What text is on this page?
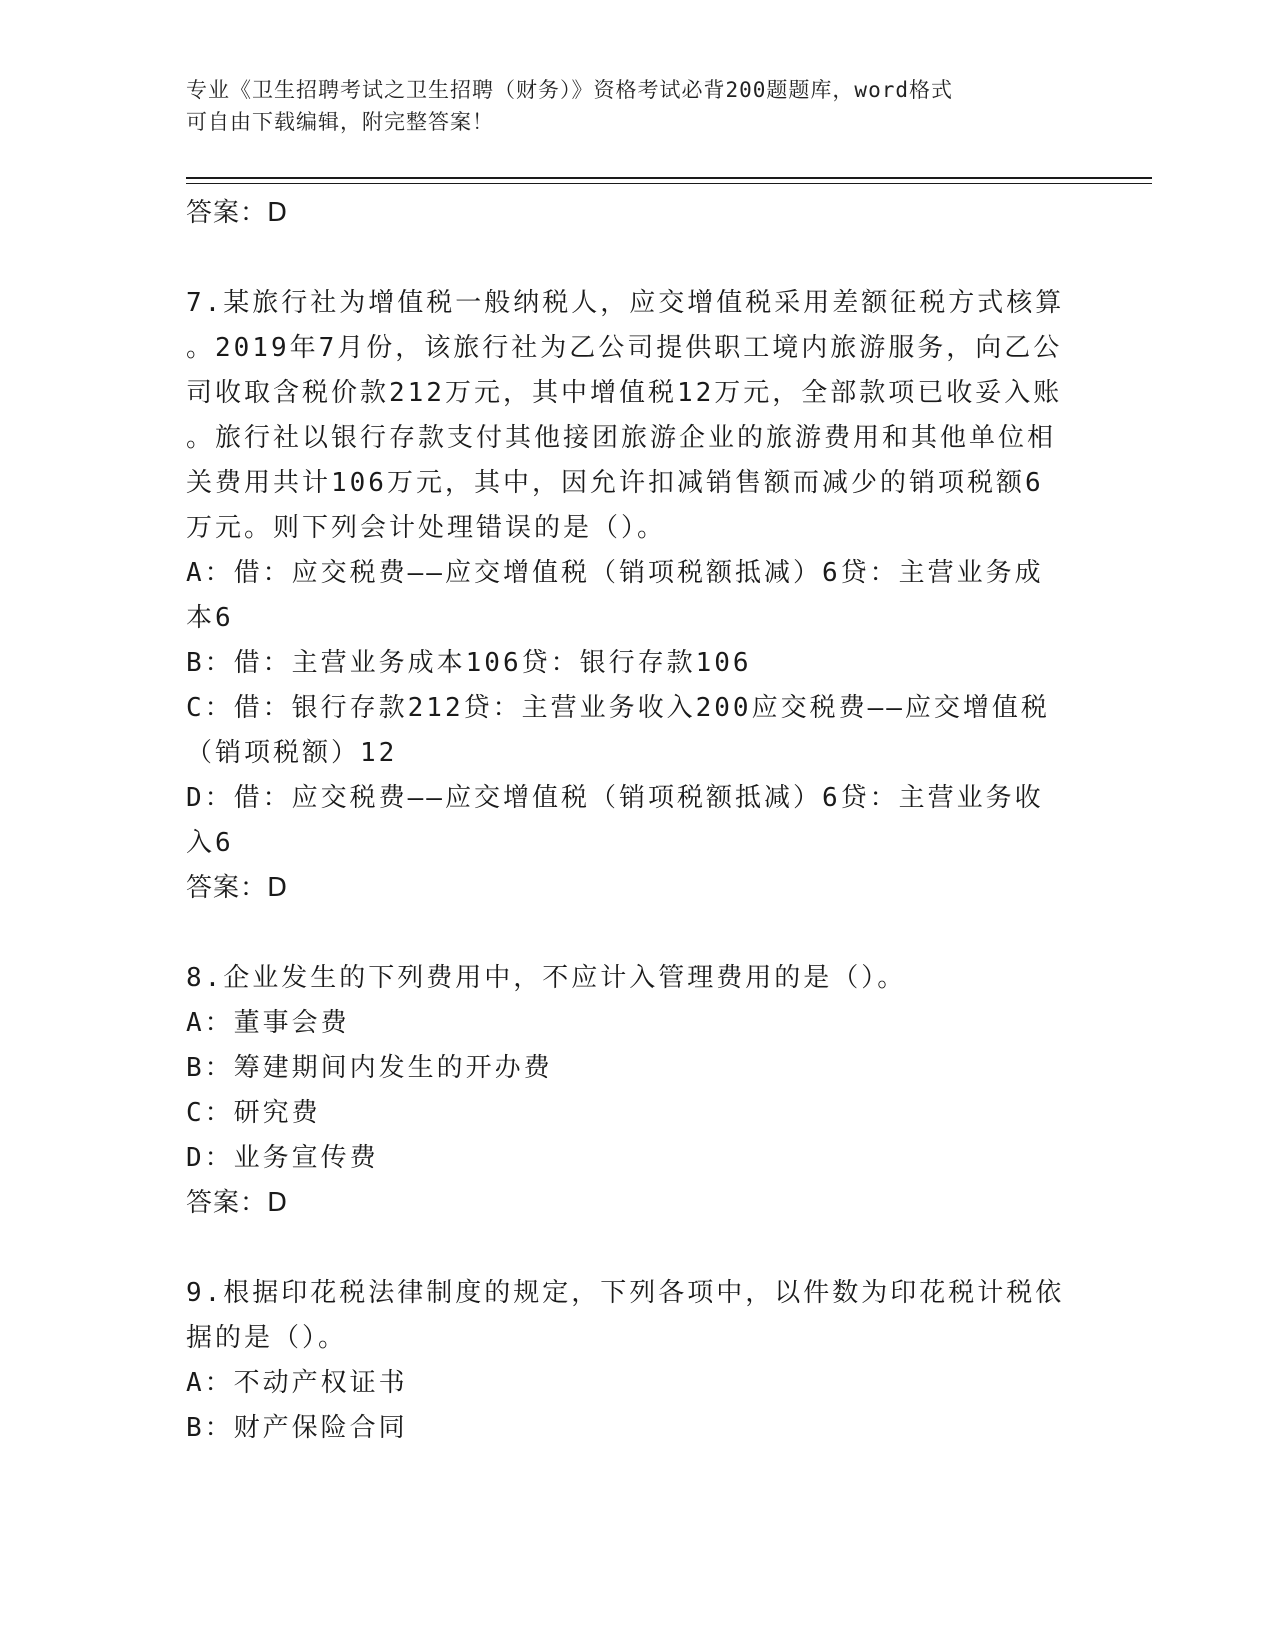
专业《卫生招聘考试之卫生招聘（财务）》资格考试必背200题题库，word格式
可自由下载编辑，附完整答案！
答案：D
7.某旅行社为增值税一般纳税人，应交增值税采用差额征税方式核算
。2019年7月份，该旅行社为乙公司提供职工境内旅游服务，向乙公
司收取含税价款212万元，其中增值税12万元，全部款项已收妥入账
。旅行社以银行存款支付其他接团旅游企业的旅游费用和其他单位相
关费用共计106万元，其中，因允许扣减销售额而减少的销项税额6
万元。则下列会计处理错误的是（）。
A：借：应交税费——应交增值税（销项税额抵减）6贷：主营业务成
本6
B：借：主营业务成本106贷：银行存款106
C：借：银行存款212贷：主营业务收入200应交税费——应交增值税
（销项税额）12
D：借：应交税费——应交增值税（销项税额抵减）6贷：主营业务收
入6
答案：D
8.企业发生的下列费用中，不应计入管理费用的是（）。
A：董事会费
B：筹建期间内发生的开办费
C：研究费
D：业务宣传费
答案：D
9.根据印花税法律制度的规定，下列各项中，以件数为印花税计税依
据的是（）。
A：不动产权证书
B：财产保险合同
